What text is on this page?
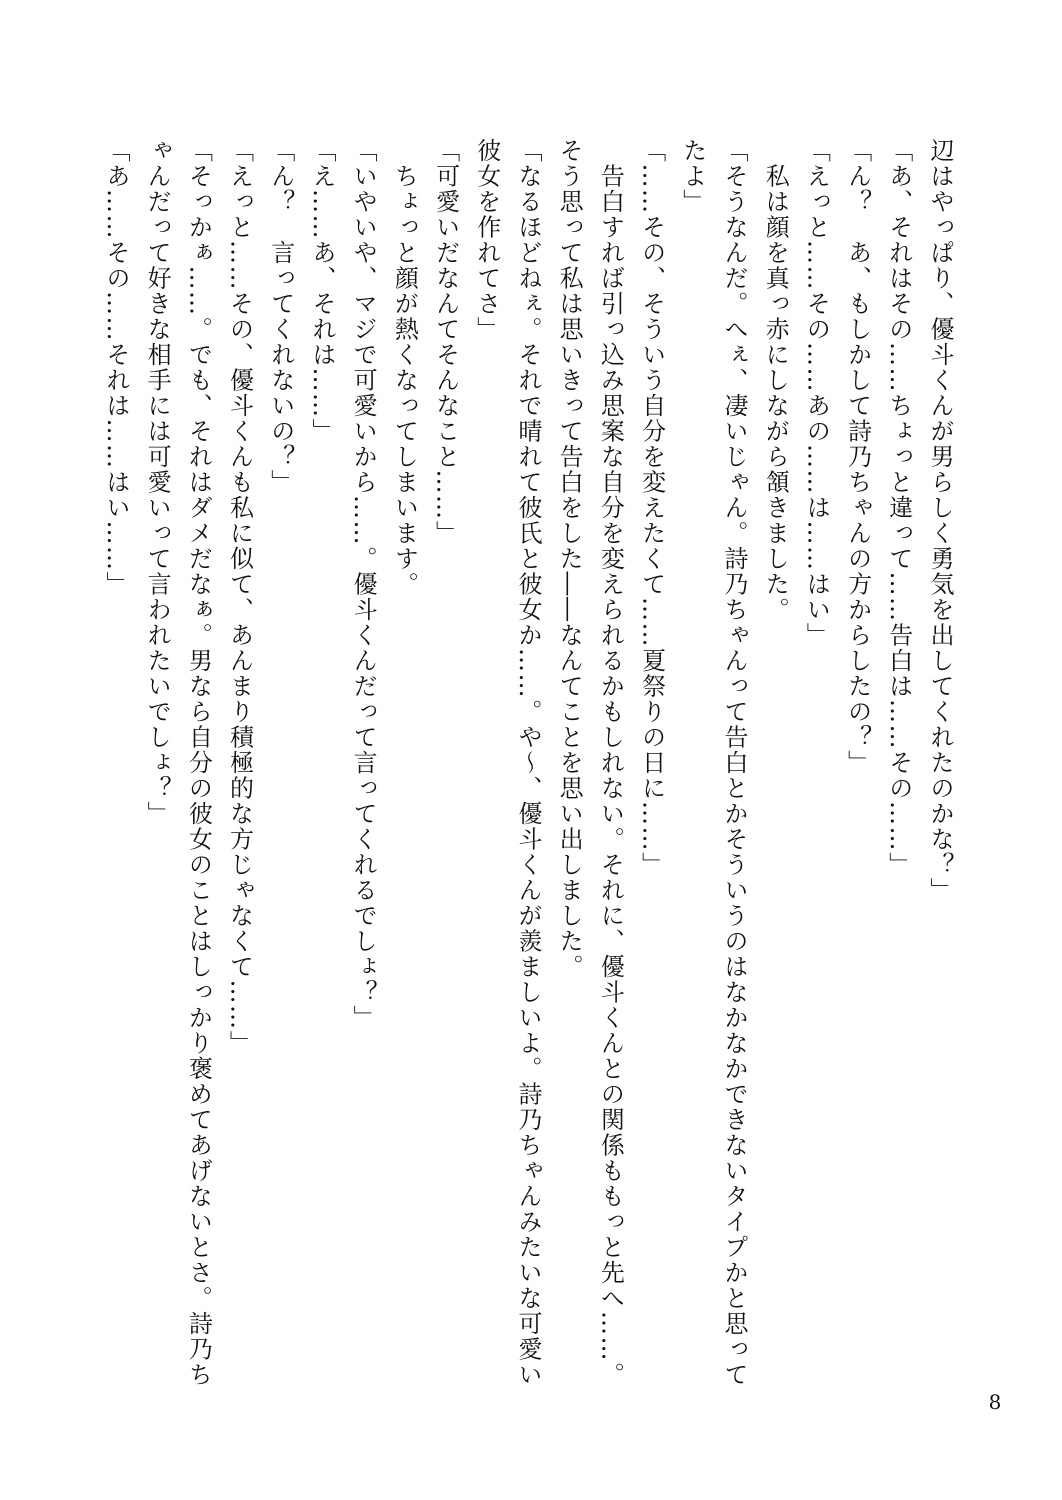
辺はやっぱり、優斗くんが男らしく勇気を出してくれたのかな？」
「あ、それはその……ちょっと違って……告白は……その……」
「ん？　あ、もしかして詩乃ちゃんの方からしたの？」
「えっと……その……あの……は……はい」
　私は顔を真っ赤にしながら頷きました。
「そうなんだ。へぇ、凄いじゃん。詩乃ちゃんって告白とかそういうのはなかなかできないタイプかと思って
たよ」
「……その、そういう自分を変えたくて……夏祭りの日に……」
　告白すれば引っ込み思案な自分を変えられるかもしれない。それに、優斗くんとの関係ももっと先へ……。
そう思って私は思いきって告白をした――なんてことを思い出しました。
「なるほどねぇ。それで晴れて彼氏と彼女か……。や～、優斗くんが羨ましいよ。詩乃ちゃんみたいな可愛い
彼女を作れてさ」
「可愛いだなんてそんなこと……」
　ちょっと顔が熱くなってしまいます。
「いやいや、マジで可愛いから……。優斗くんだって言ってくれるでしょ？」
「え……あ、それは……」
「ん？　言ってくれないの？」
「えっと……その、優斗くんも私に似て、あんまり積極的な方じゃなくて……」
「そっかぁ……。でも、それはダメだなぁ。男なら自分の彼女のことはしっかり褒めてあげないとさ。詩乃ち
ゃんだって好きな相手には可愛いって言われたいでしょ？」
「あ……その……それは……はい……」
8
